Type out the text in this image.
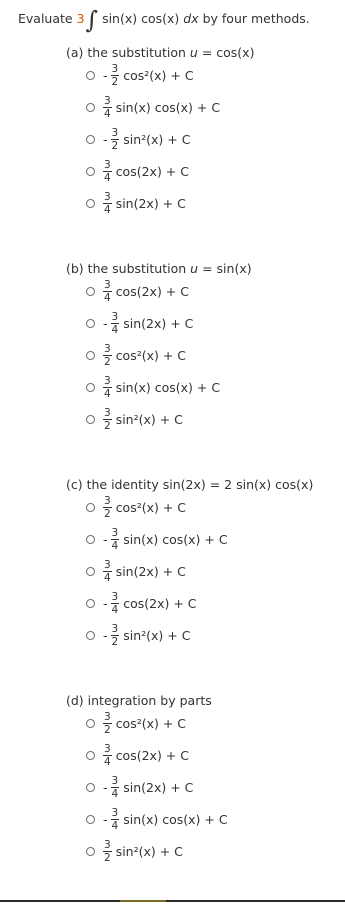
Evaluate 3∫ sin(x) cos(x) dx by four methods.
(a) the substitution u = cos(x)
- $\frac{3}{2} \cos^2(x) + C$
$\frac{3}{4} \sin(x) \cos(x) + C$
- $\frac{3}{2} \sin^2(x) + C$
$\frac{3}{4} \cos(2x) + C$
$\frac{3}{4} \sin(2x) + C$
(b) the substitution u = sin(x)
$\frac{3}{4} \cos(2x) + C$
- $\frac{3}{4} \sin(2x) + C$
$\frac{3}{2} \cos^2(x) + C$
$\frac{3}{4} \sin(x) \cos(x) + C$
$\frac{3}{2} \sin^2(x) + C$
(c) the identity sin(2x) = 2 sin(x) cos(x)
$\frac{3}{2} \cos^2(x) + C$
- $\frac{3}{4} \sin(x) \cos(x) + C$
$\frac{3}{4} \sin(2x) + C$
- $\frac{3}{4} \cos(2x) + C$
- $\frac{3}{2} \sin^2(x) + C$
(d) integration by parts
$\frac{3}{2} \cos^2(x) + C$
$\frac{3}{4} \cos(2x) + C$
- $\frac{3}{4} \sin(2x) + C$
- $\frac{3}{4} \sin(x) \cos(x) + C$
$\frac{3}{2} \sin^2(x) + C$
